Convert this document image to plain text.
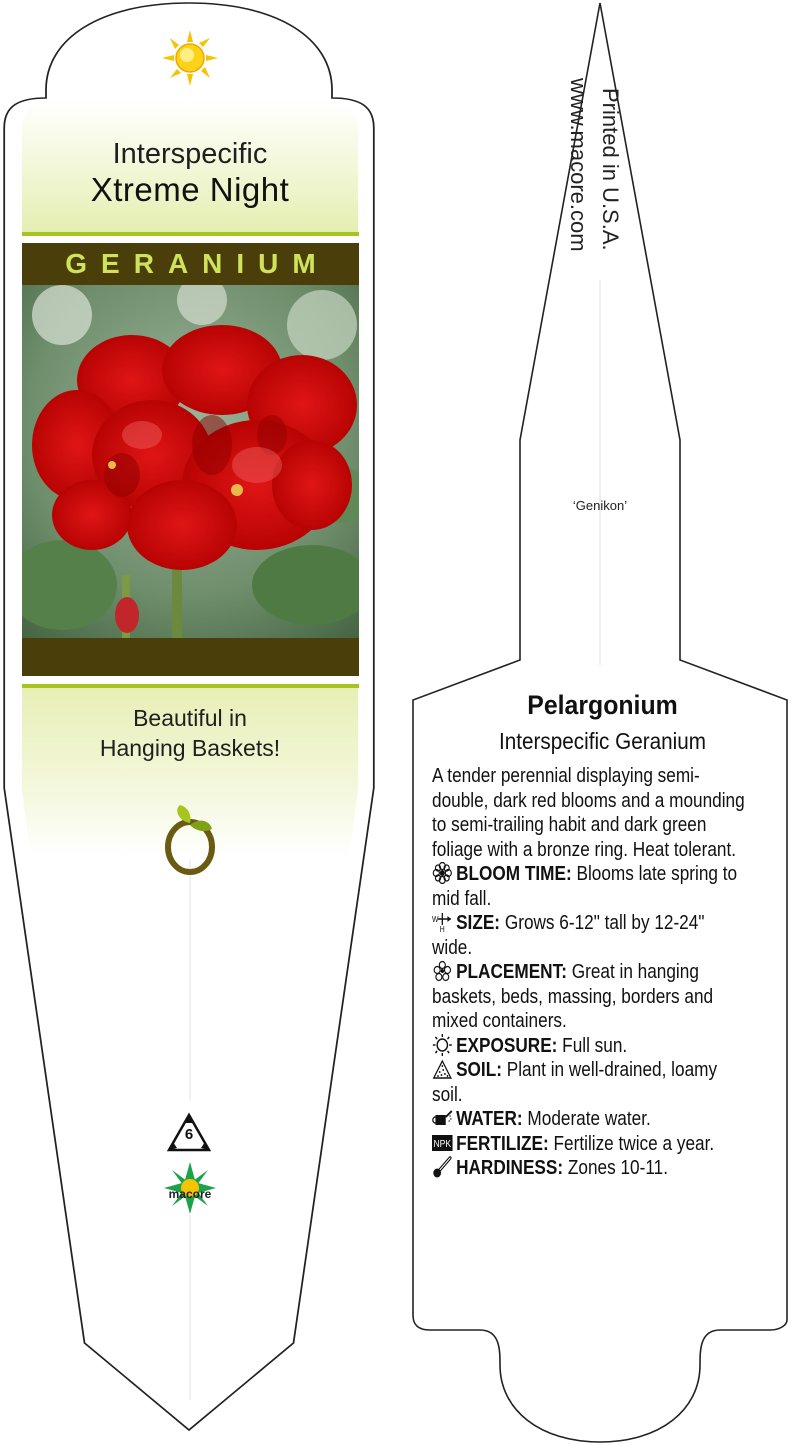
Interspecific
Xtreme Night
GERANIUM
Beautiful in
Hanging Baskets!
6
macore
Printed in U.S.A.
www.macore.com
‘Genikon’
Pelargonium
Interspecific Geranium

A tender perennial displaying semi-double, dark red blooms and a mounding to semi-trailing habit and dark green foliage with a bronze ring. Heat tolerant.

BLOOM TIME: Blooms late spring to mid fall.

W
H SIZE: Grows 6-12" tall by 12-24" wide.

PLACEMENT: Great in hanging baskets, beds, massing, borders and mixed containers.

EXPOSURE: Full sun.

SOIL: Plant in well-drained, loamy soil.

WATER: Moderate water.

NPK FERTILIZE: Fertilize twice a year.

HARDINESS: Zones 10-11.
